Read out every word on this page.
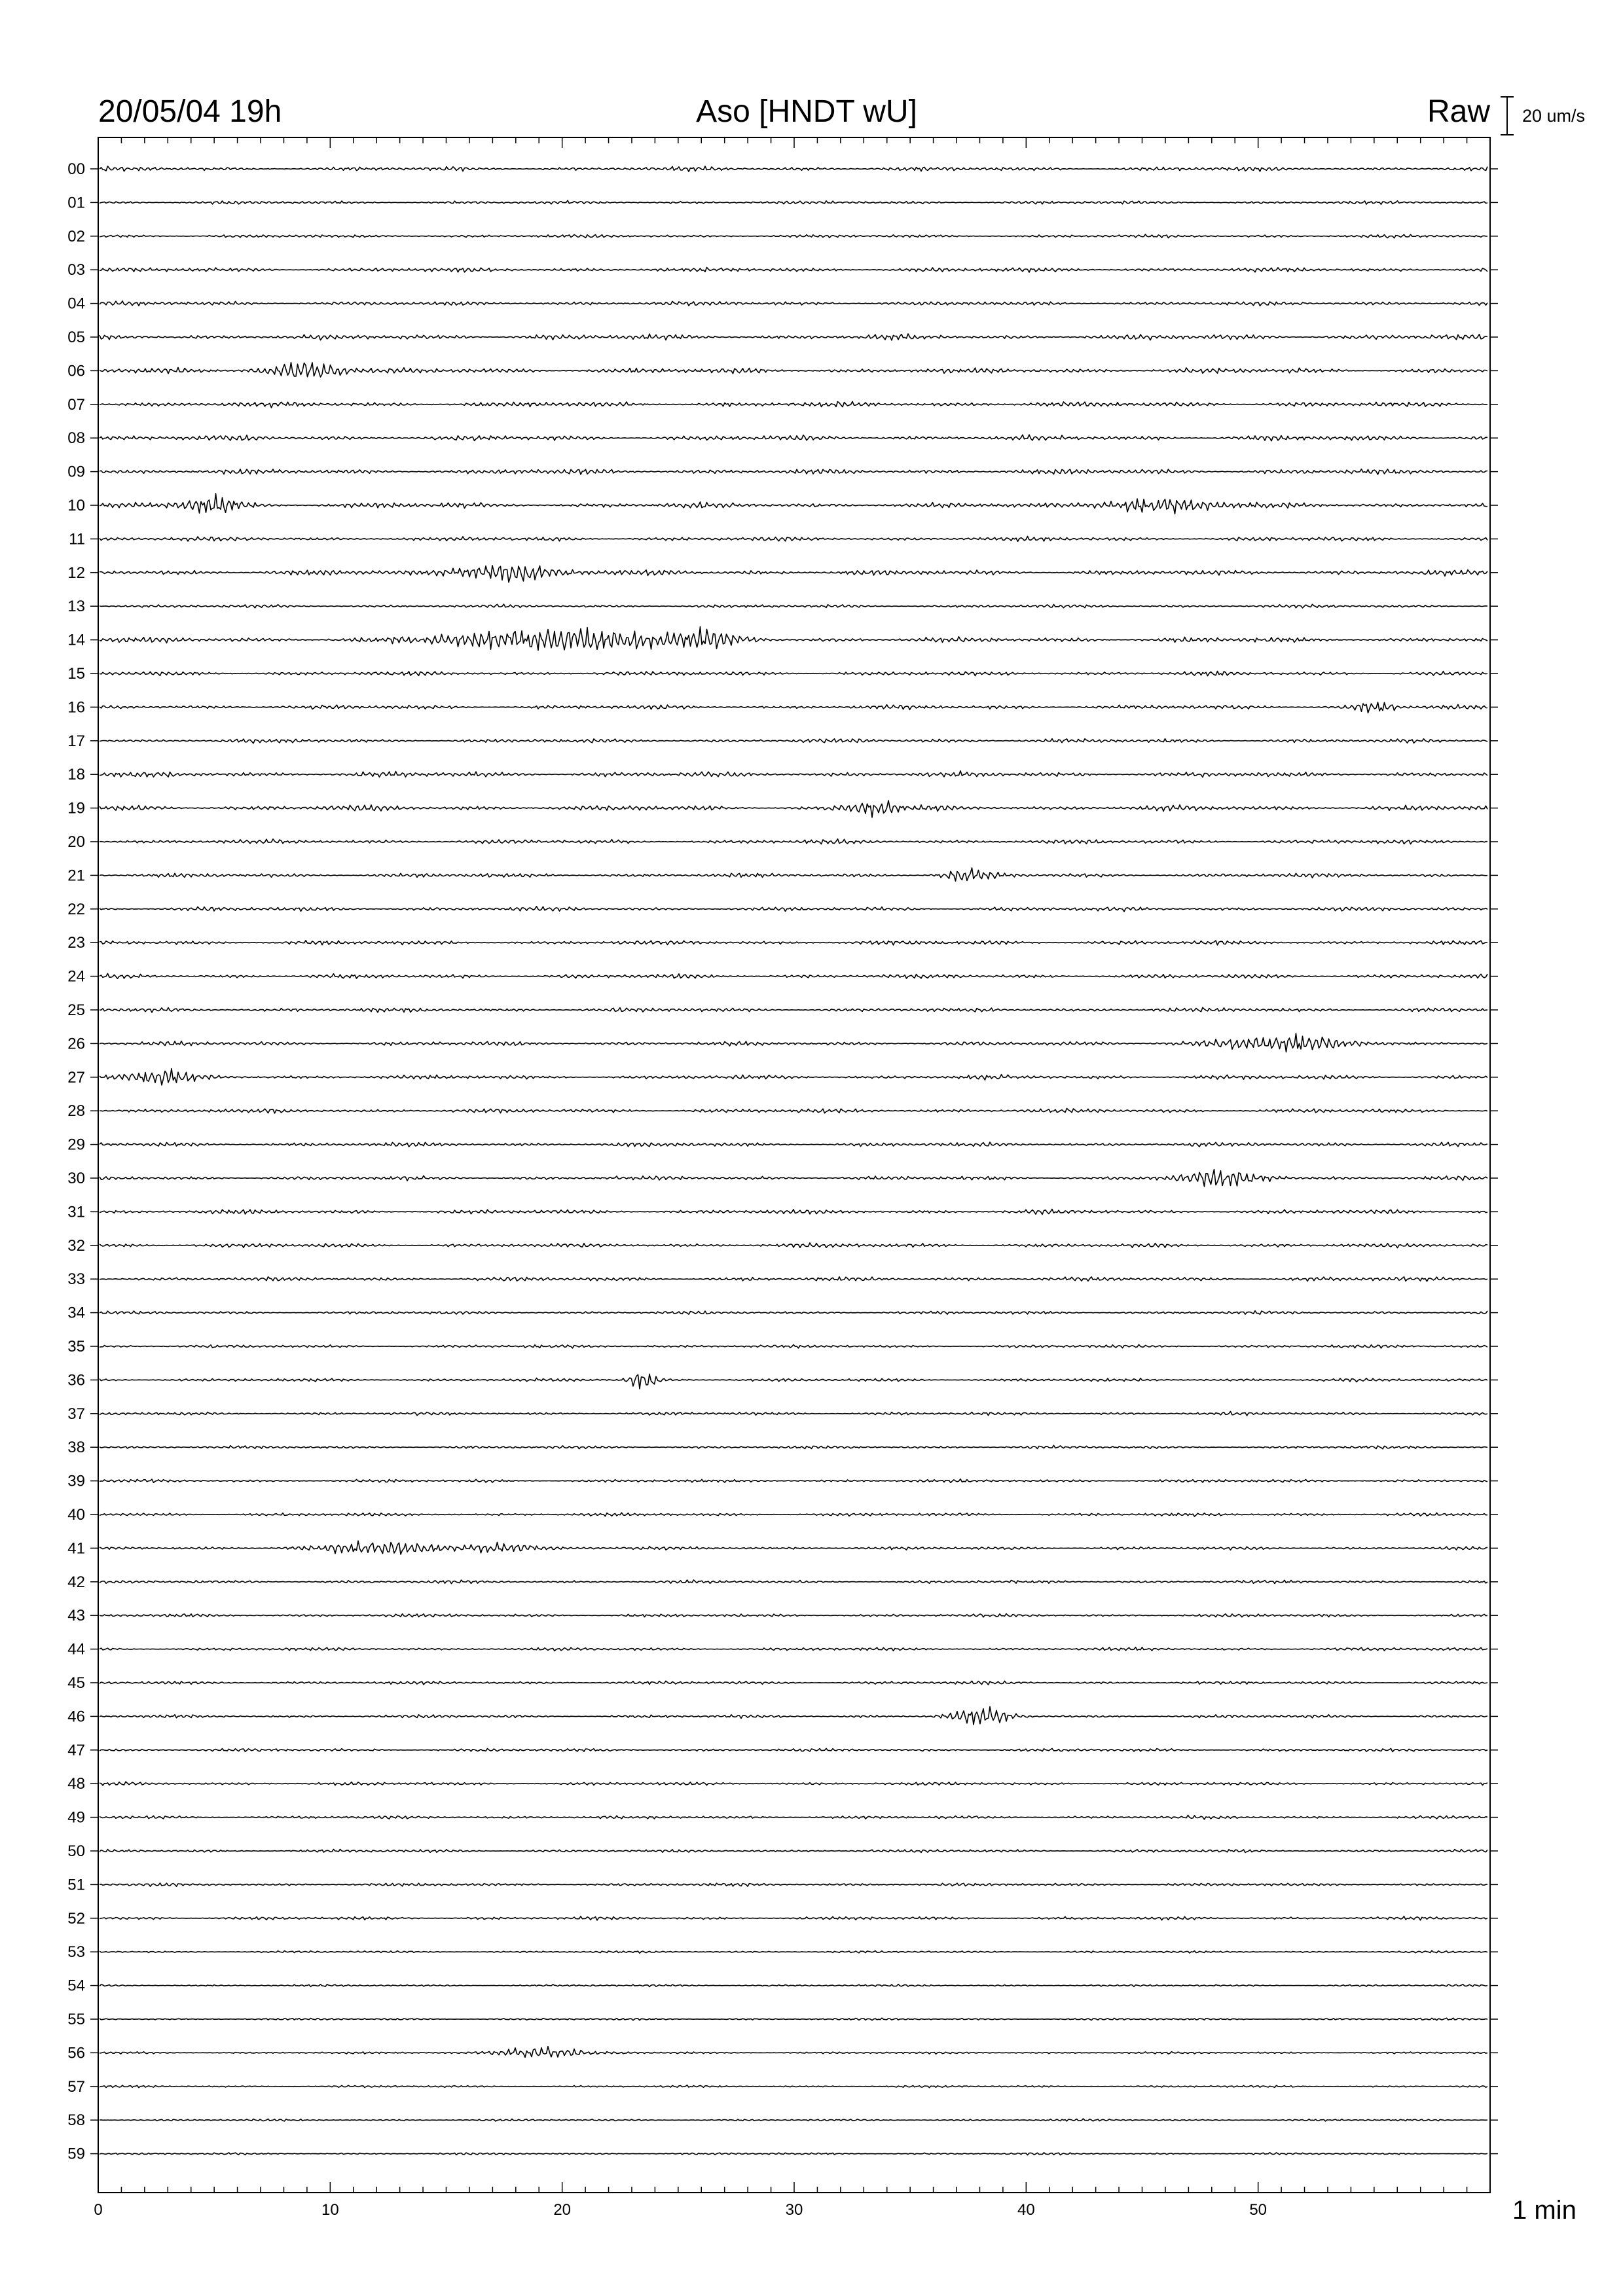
20/05/04 19h	Aso [HNDT wU]	Raw 20 um/s
00
01
02
03
04
05
06
07
08
09
10
11
12
13
14
15
16
17
18
19
20
21
22
23
24
25
26
27
28
29
30
31
32
33
34
35
36
37
38
39
40
41
42
43
44
45
46
47
48
49
50
51
52
53
54
55
56
57
58
59
0	10	20	30	40	50	1 min
